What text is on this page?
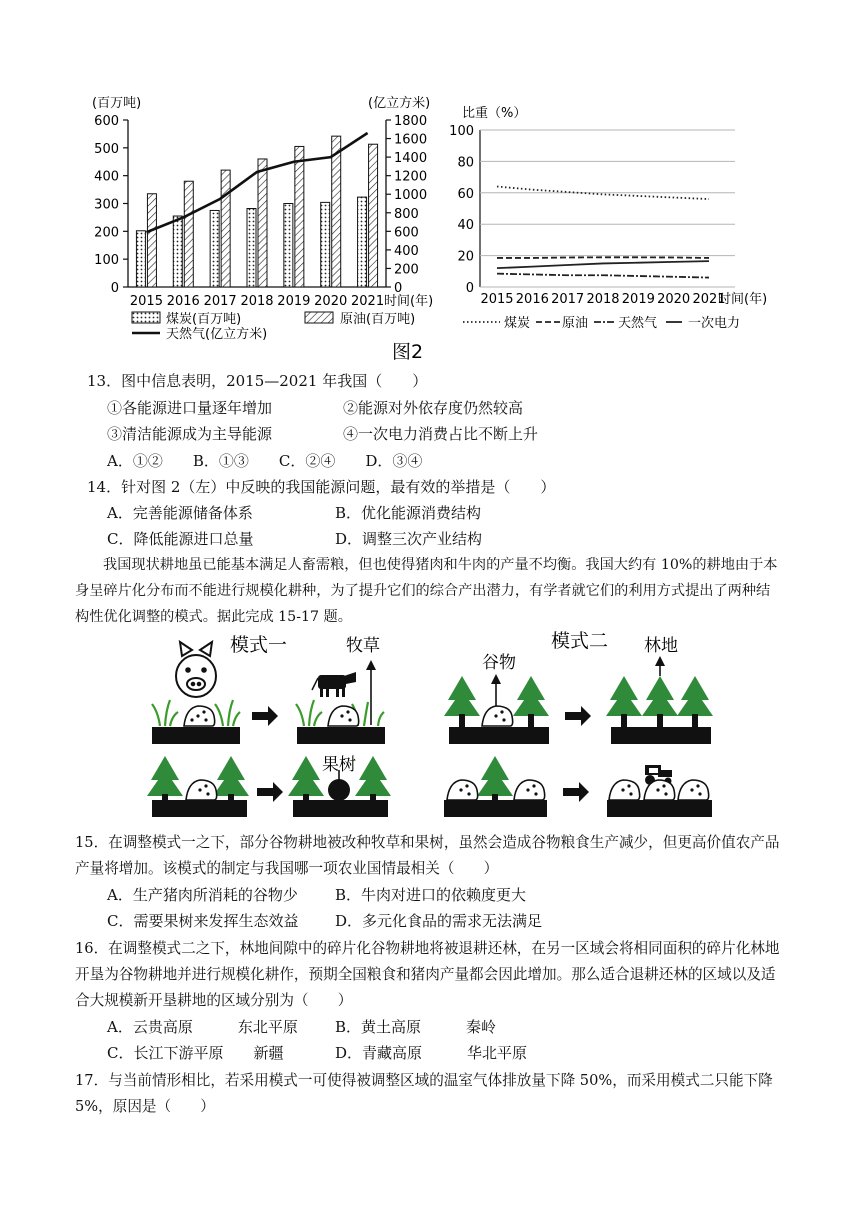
(百万吨)	(亿立方米)
600
500
400
300
200
100
0
1800
1600
1400
1200
1000
800
600
400
200
0
2015 2016 2017 2018 2019 2020 2021 时间(年)
煤炭(百万吨)	原油(百万吨)
天然气(亿立方米)
比重（%）
100
80
60
40
20
0
2015 2016 2017 2018 2019 2020 2021
时间(年)
煤炭 原油 天然气 一次电力
图2
模式一	模式二
牧草
谷物
林地
果树
13．图中信息表明，2015—2021 年我国（　　）
①各能源进口量逐年增加	②能源对外依存度仍然较高
③清洁能源成为主导能源	④一次电力消费占比不断上升
A．①②　　B．①③　　C．②④　　D．③④
14．针对图 2（左）中反映的我国能源问题，最有效的举措是（　　）
A．完善能源储备体系	B．优化能源消费结构
C．降低能源进口总量	D．调整三次产业结构
我国现状耕地虽已能基本满足人畜需粮，但也使得猪肉和牛肉的产量不均衡。我国大约有 10%的耕地由于本身呈碎片化分布而不能进行规模化耕种，为了提升它们的综合产出潜力，有学者就它们的利用方式提出了两种结构性优化调整的模式。据此完成 15-17 题。
15．在调整模式一之下，部分谷物耕地被改种牧草和果树，虽然会造成谷物粮食生产减少，但更高价值农产品产量将增加。该模式的制定与我国哪一项农业国情最相关（　　）
A．生产猪肉所消耗的谷物少 B．牛肉对进口的依赖度更大
C．需要果树来发挥生态效益 D．多元化食品的需求无法满足
16．在调整模式二之下，林地间隙中的碎片化谷物耕地将被退耕还林，在另一区域会将相同面积的碎片化林地开垦为谷物耕地并进行规模化耕作，预期全国粮食和猪肉产量都会因此增加。那么适合退耕还林的区域以及适合大规模新开垦耕地的区域分别为（　　）
A．云贵高原　　　东北平原 B．黄土高原　　　秦岭
C．长江下游平原　　新疆	D．青藏高原　　　华北平原
17．与当前情形相比，若采用模式一可使得被调整区域的温室气体排放量下降 50%，而采用模式二只能下降 5%，原因是（　　）
